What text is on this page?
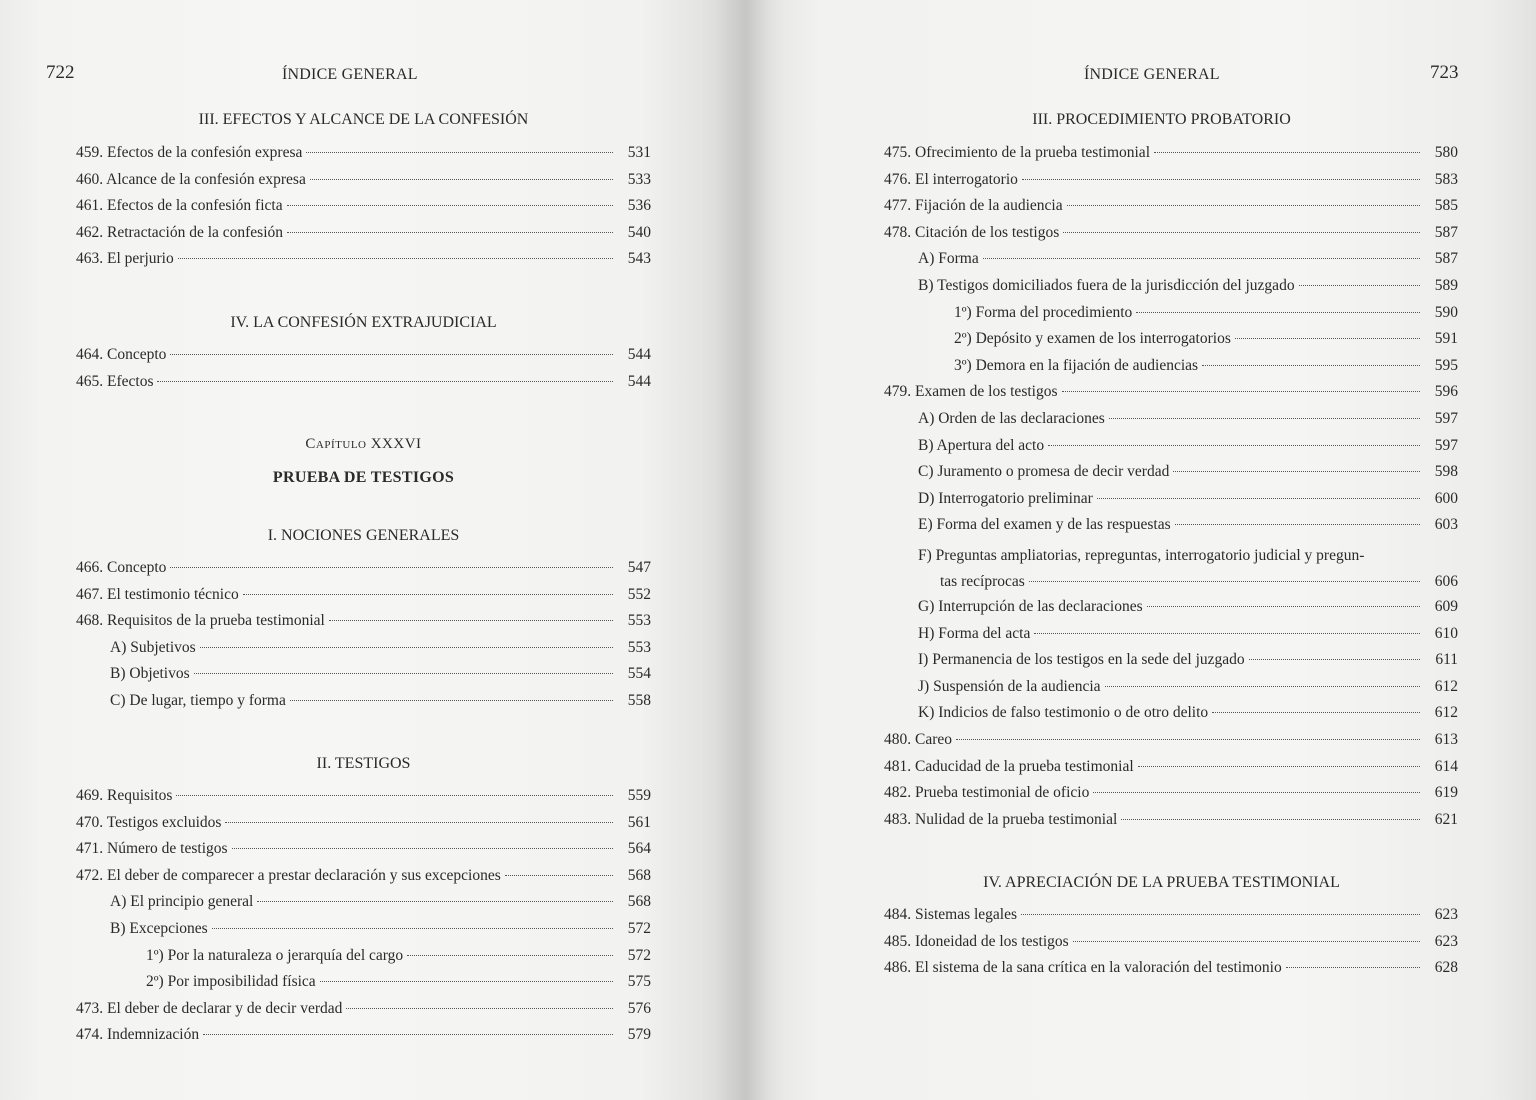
722	ÍNDICE GENERAL
III. EFECTOS Y ALCANCE DE LA CONFESIÓN
459. Efectos de la confesión expresa	531
460. Alcance de la confesión expresa	533
461. Efectos de la confesión ficta	536
462. Retractación de la confesión	540
463. El perjurio	543
IV. LA CONFESIÓN EXTRAJUDICIAL
464. Concepto	544
465. Efectos	544
Capítulo XXXVI
PRUEBA DE TESTIGOS
I. NOCIONES GENERALES
466. Concepto	547
467. El testimonio técnico	552
468. Requisitos de la prueba testimonial	553
A) Subjetivos	553
B) Objetivos	554
C) De lugar, tiempo y forma	558
II. TESTIGOS
469. Requisitos	559
470. Testigos excluidos	561
471. Número de testigos	564
472. El deber de comparecer a prestar declaración y sus excepciones	568
A) El principio general	568
B) Excepciones	572
1º) Por la naturaleza o jerarquía del cargo	572
2º) Por imposibilidad física	575
473. El deber de declarar y de decir verdad	576
474. Indemnización	579
ÍNDICE GENERAL	723
III. PROCEDIMIENTO PROBATORIO
475. Ofrecimiento de la prueba testimonial	580
476. El interrogatorio	583
477. Fijación de la audiencia	585
478. Citación de los testigos	587
A) Forma	587
B) Testigos domiciliados fuera de la jurisdicción del juzgado	589
1º) Forma del procedimiento	590
2º) Depósito y examen de los interrogatorios	591
3º) Demora en la fijación de audiencias	595
479. Examen de los testigos	596
A) Orden de las declaraciones	597
B) Apertura del acto	597
C) Juramento o promesa de decir verdad	598
D) Interrogatorio preliminar	600
E) Forma del examen y de las respuestas	603
F) Preguntas ampliatorias, repreguntas, interrogatorio judicial y pregun-
tas recíprocas	606
G) Interrupción de las declaraciones	609
H) Forma del acta	610
I) Permanencia de los testigos en la sede del juzgado	611
J) Suspensión de la audiencia	612
K) Indicios de falso testimonio o de otro delito	612
480. Careo	613
481. Caducidad de la prueba testimonial	614
482. Prueba testimonial de oficio	619
483. Nulidad de la prueba testimonial	621
IV. APRECIACIÓN DE LA PRUEBA TESTIMONIAL
484. Sistemas legales	623
485. Idoneidad de los testigos	623
486. El sistema de la sana crítica en la valoración del testimonio	628
